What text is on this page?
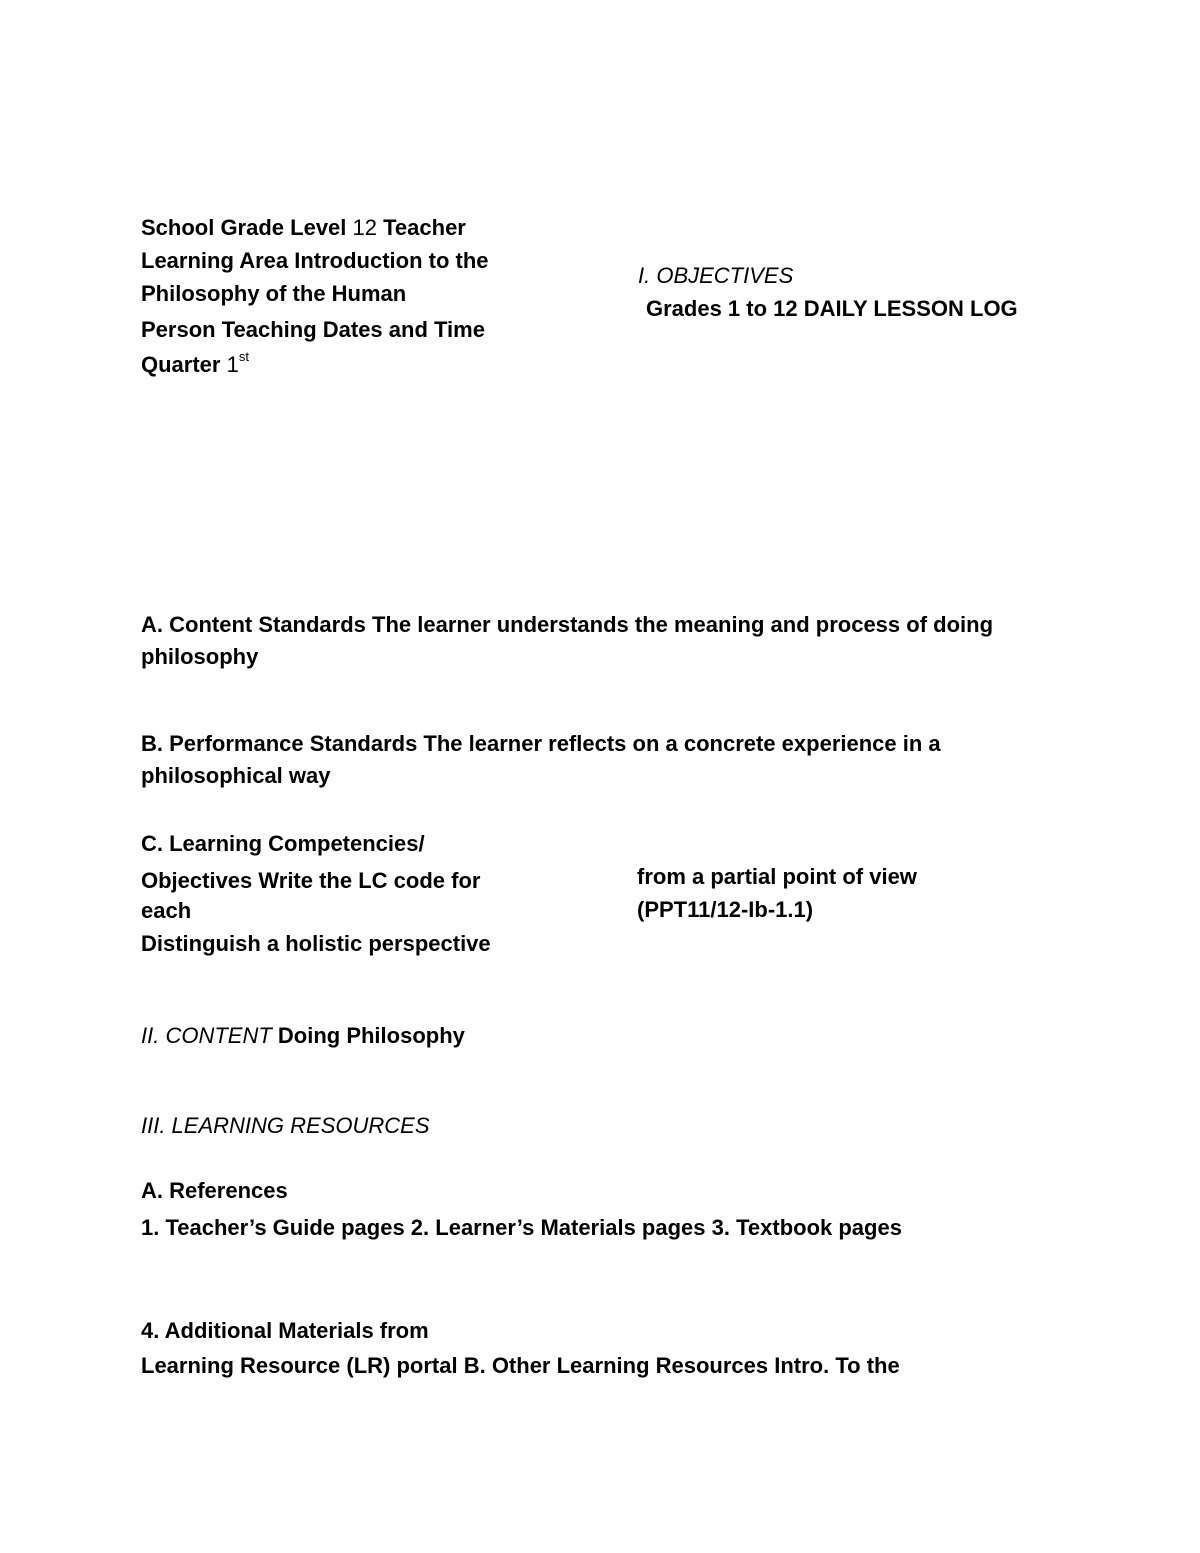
School Grade Level 12 Teacher
Learning Area Introduction to the
Philosophy of the Human
Person Teaching Dates and Time
Quarter 1st
I. OBJECTIVES
Grades 1 to 12 DAILY LESSON LOG
A. Content Standards The learner understands the meaning and process of doing
philosophy
B. Performance Standards The learner reflects on a concrete experience in a
philosophical way
C. Learning Competencies/
Objectives Write the LC code for
each
Distinguish a holistic perspective
from a partial point of view
(PPT11/12-Ib-1.1)
II. CONTENT Doing Philosophy
III. LEARNING RESOURCES
A. References
1. Teacher’s Guide pages 2. Learner’s Materials pages 3. Textbook pages
4. Additional Materials from
Learning Resource (LR) portal B. Other Learning Resources Intro. To the
